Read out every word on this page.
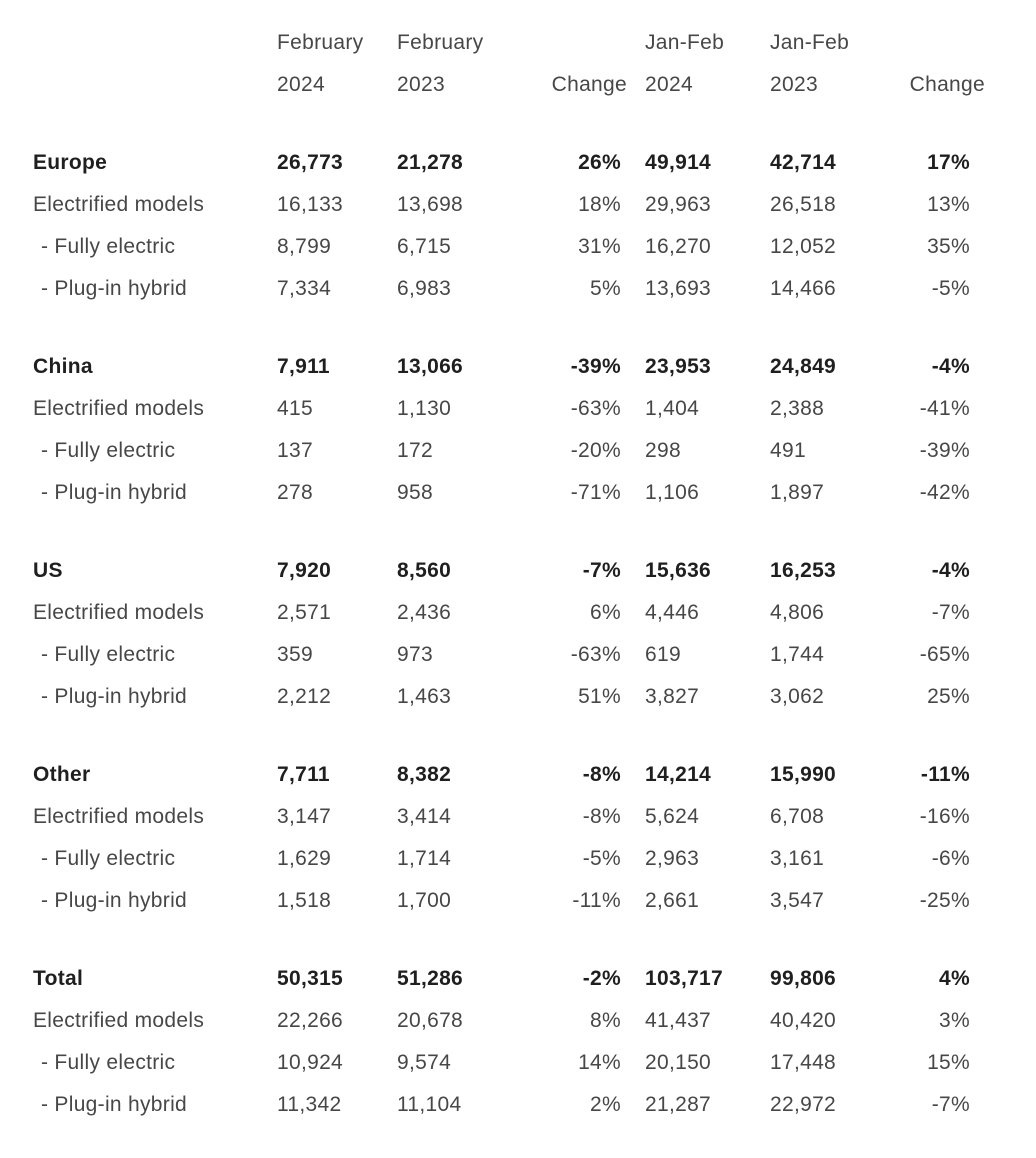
	February	February		Jan-Feb	Jan-Feb	
	2024	2023	Change	2024	2023	Change

Europe	26,773	21,278	26%	49,914	42,714	17%
Electrified models	16,133	13,698	18%	29,963	26,518	13%
- Fully electric	8,799	6,715	31%	16,270	12,052	35%
- Plug-in hybrid	7,334	6,983	5%	13,693	14,466	-5%

China	7,911	13,066	-39%	23,953	24,849	-4%
Electrified models	415	1,130	-63%	1,404	2,388	-41%
- Fully electric	137	172	-20%	298	491	-39%
- Plug-in hybrid	278	958	-71%	1,106	1,897	-42%

US	7,920	8,560	-7%	15,636	16,253	-4%
Electrified models	2,571	2,436	6%	4,446	4,806	-7%
- Fully electric	359	973	-63%	619	1,744	-65%
- Plug-in hybrid	2,212	1,463	51%	3,827	3,062	25%

Other	7,711	8,382	-8%	14,214	15,990	-11%
Electrified models	3,147	3,414	-8%	5,624	6,708	-16%
- Fully electric	1,629	1,714	-5%	2,963	3,161	-6%
- Plug-in hybrid	1,518	1,700	-11%	2,661	3,547	-25%

Total	50,315	51,286	-2%	103,717	99,806	4%
Electrified models	22,266	20,678	8%	41,437	40,420	3%
- Fully electric	10,924	9,574	14%	20,150	17,448	15%
- Plug-in hybrid	11,342	11,104	2%	21,287	22,972	-7%
